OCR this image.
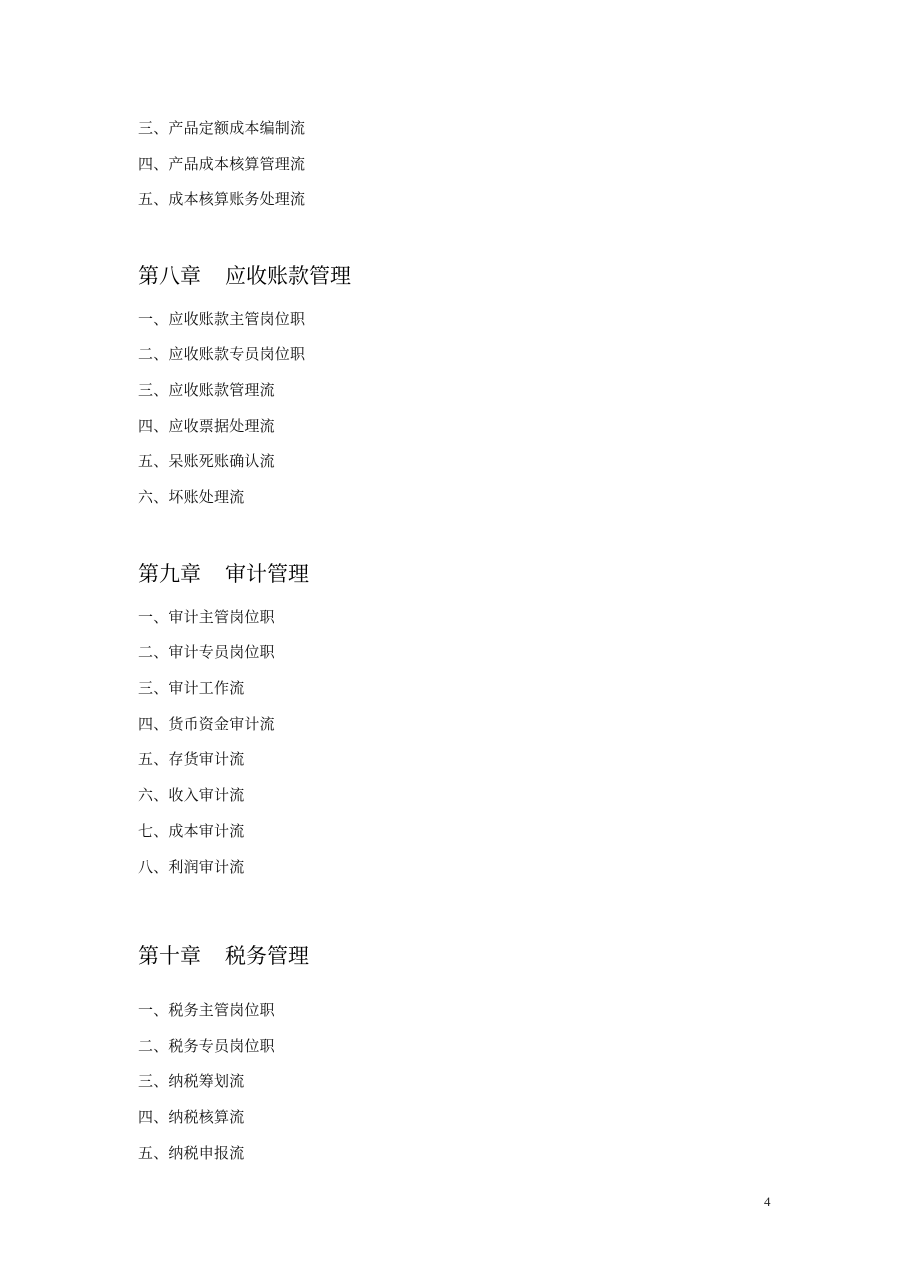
三、产品定额成本编制流
四、产品成本核算管理流
五、成本核算账务处理流
第八章 应收账款管理
一、应收账款主管岗位职
二、应收账款专员岗位职
三、应收账款管理流
四、应收票据处理流
五、呆账死账确认流
六、坏账处理流
第九章 审计管理
一、审计主管岗位职
二、审计专员岗位职
三、审计工作流
四、货币资金审计流
五、存货审计流
六、收入审计流
七、成本审计流
八、利润审计流
第十章 税务管理
一、税务主管岗位职
二、税务专员岗位职
三、纳税筹划流
四、纳税核算流
五、纳税申报流
4
